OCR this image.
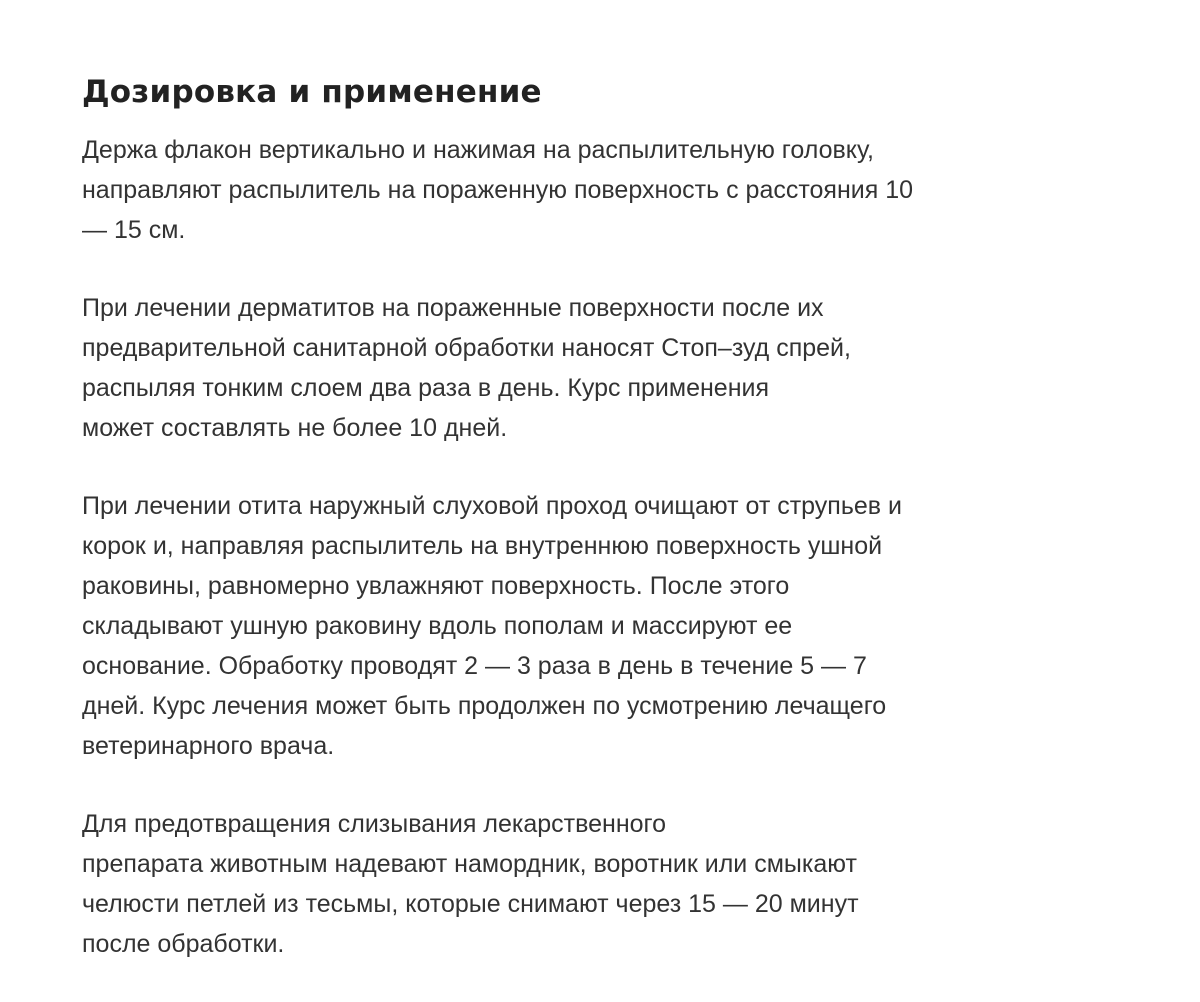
Дозировка и применение

Держа флакон вертикально и нажимая на распылительную головку,
направляют распылитель на пораженную поверхность с расстояния 10
— 15 см.

При лечении дерматитов на пораженные поверхности после их
предварительной санитарной обработки наносят Стоп–зуд спрей,
распыляя тонким слоем два раза в день. Курс применения
может составлять не более 10 дней.

При лечении отита наружный слуховой проход очищают от струпьев и
корок и, направляя распылитель на внутреннюю поверхность ушной
раковины, равномерно увлажняют поверхность. После этого
складывают ушную раковину вдоль пополам и массируют ее
основание. Обработку проводят 2 — 3 раза в день в течение 5 — 7
дней. Курс лечения может быть продолжен по усмотрению лечащего
ветеринарного врача.

Для предотвращения слизывания лекарственного
препарата животным надевают намордник, воротник или смыкают
челюсти петлей из тесьмы, которые снимают через 15 — 20 минут
после обработки.
